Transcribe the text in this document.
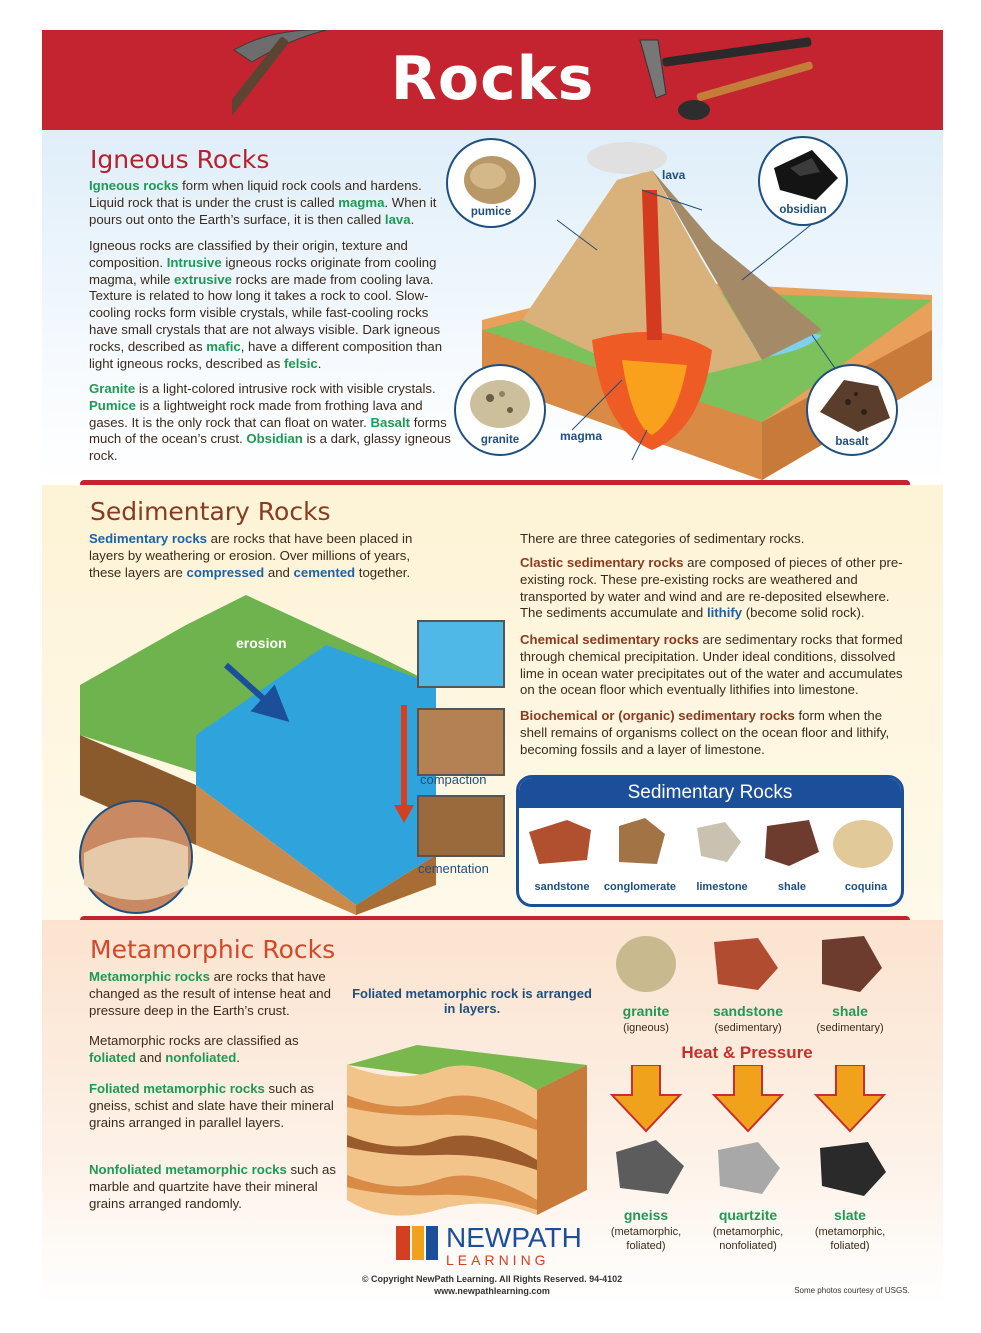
Rocks
Igneous Rocks
Igneous rocks form when liquid rock cools and hardens. Liquid rock that is under the crust is called magma. When it pours out onto the Earth’s surface, it is then called lava.
Igneous rocks are classified by their origin, texture and composition. Intrusive igneous rocks originate from cooling magma, while extrusive rocks are made from cooling lava. Texture is related to how long it takes a rock to cool. Slow-cooling rocks form visible crystals, while fast-cooling rocks have small crystals that are not always visible. Dark igneous rocks, described as mafic, have a different composition than light igneous rocks, described as felsic.
Granite is a light-colored intrusive rock with visible crystals. Pumice is a lightweight rock made from frothing lava and gases. It is the only rock that can float on water. Basalt forms much of the ocean’s crust. Obsidian is a dark, glassy igneous rock.
lava
magma
pumice	obsidian
granite	basalt
Sedimentary Rocks
Sedimentary rocks are rocks that have been placed in layers by weathering or erosion. Over millions of years, these layers are compressed and cemented together.
There are three categories of sedimentary rocks.
Clastic sedimentary rocks are composed of pieces of other pre-existing rock. These pre-existing rocks are weathered and transported by water and wind and are re-deposited elsewhere. The sediments accumulate and lithify (become solid rock).
Chemical sedimentary rocks are sedimentary rocks that formed through chemical precipitation. Under ideal conditions, dissolved lime in ocean water precipitates out of the water and accumulates on the ocean floor which eventually lithifies into limestone.
Biochemical or (organic) sedimentary rocks form when the shell remains of organisms collect on the ocean floor and lithify, becoming fossils and a layer of limestone.
erosion
compaction
cementation
Sedimentary Rocks
sandstone	conglomerate	limestone	shale	coquina
Metamorphic Rocks
Metamorphic rocks are rocks that have changed as the result of intense heat and pressure deep in the Earth’s crust.
Metamorphic rocks are classified as foliated and nonfoliated.
Foliated metamorphic rocks such as gneiss, schist and slate have their mineral grains arranged in parallel layers.
Nonfoliated metamorphic rocks such as marble and quartzite have their mineral grains arranged randomly.
Foliated metamorphic rock is arranged in layers.	granite
(igneous)
sandstone
(sedimentary)
shale
(sedimentary)
Heat & Pressure
gneiss
(metamorphic,
foliated)
quartzite
(metamorphic,
nonfoliated)
slate
(metamorphic,
foliated)
NEWPATH
LEARNING
© Copyright NewPath Learning. All Rights Reserved. 94-4102
www.newpathlearning.com	Some photos courtesy of USGS.
